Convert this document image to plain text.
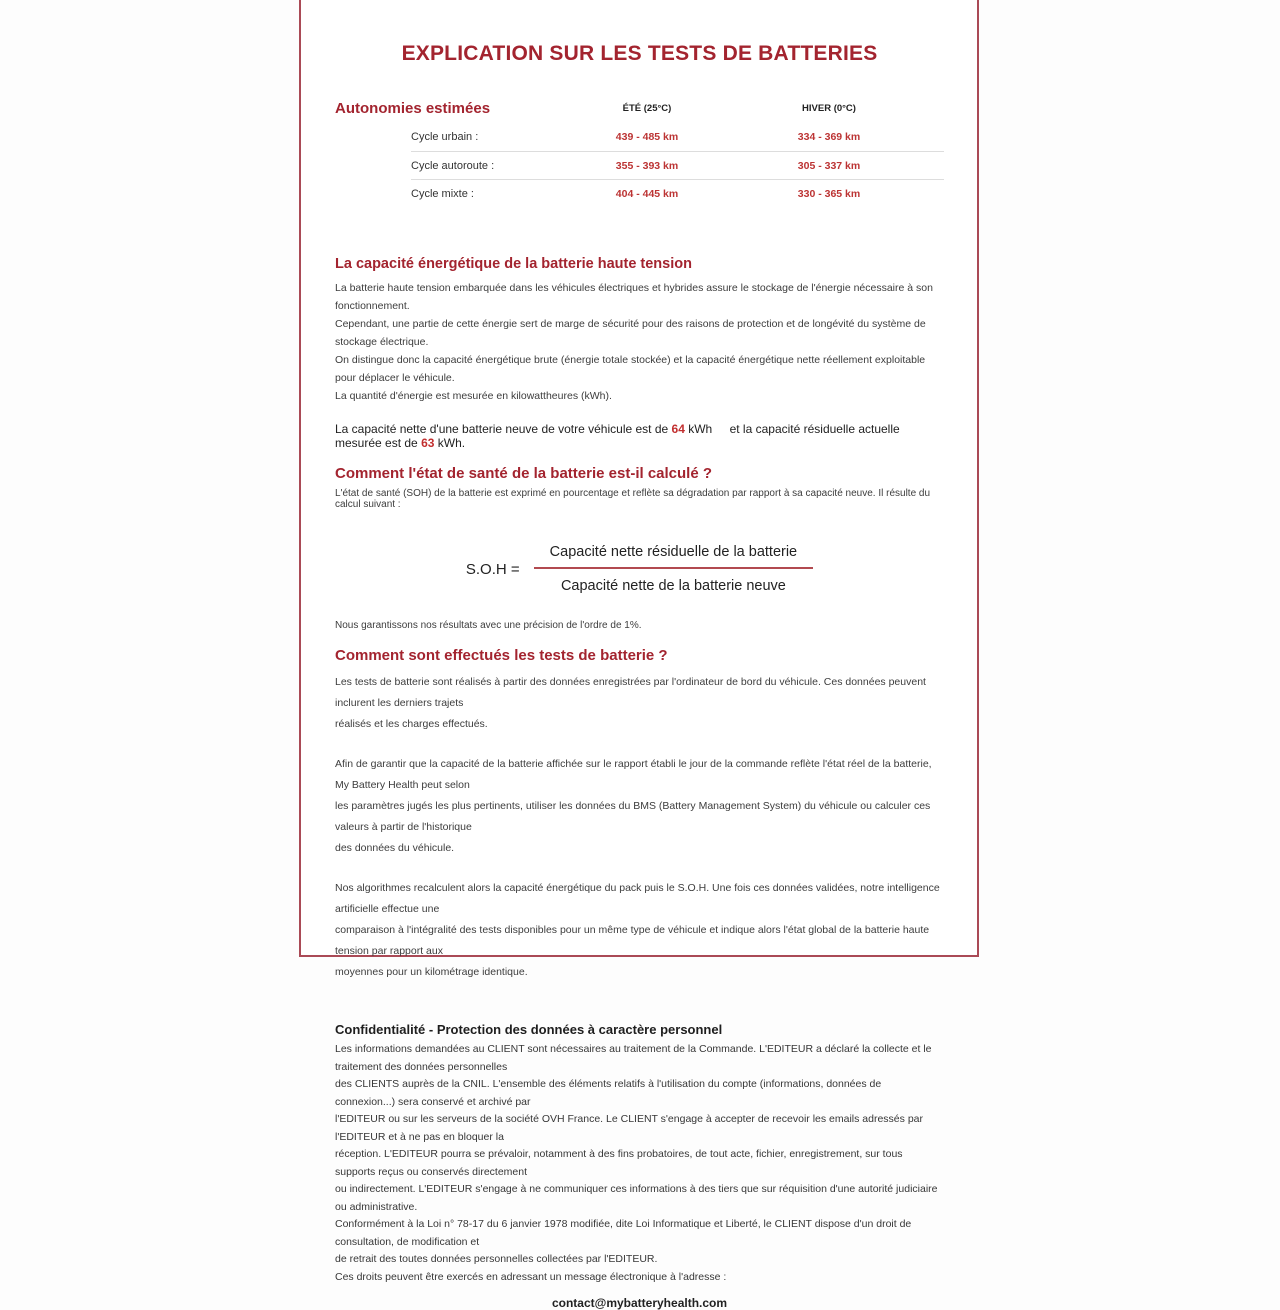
EXPLICATION SUR LES TESTS DE BATTERIES
Autonomies estimées	ÉTÉ (25°C)	HIVER (0°C)
Cycle urbain :	439 - 485 km	334 - 369 km
Cycle autoroute :	355 - 393 km	305 - 337 km
Cycle mixte :	404 - 445 km	330 - 365 km
La capacité énergétique de la batterie haute tension
La batterie haute tension embarquée dans les véhicules électriques et hybrides assure le stockage de l'énergie nécessaire à son fonctionnement.
Cependant, une partie de cette énergie sert de marge de sécurité pour des raisons de protection et de longévité du système de stockage électrique.
On distingue donc la capacité énergétique brute (énergie totale stockée) et la capacité énergétique nette réellement exploitable pour déplacer le véhicule.
La quantité d'énergie est mesurée en kilowattheures (kWh).
La capacité nette d'une batterie neuve de votre véhicule est de 64 kWh et la capacité résiduelle actuelle mesurée est de 63 kWh.
Comment l'état de santé de la batterie est-il calculé ?
L'état de santé (SOH) de la batterie est exprimé en pourcentage et reflète sa dégradation par rapport à sa capacité neuve. Il résulte du calcul suivant :
$S.O.H = \frac{\text{Capacité nette résiduelle de la batterie}}{\text{Capacité nette de la batterie neuve}}$
Nous garantissons nos résultats avec une précision de l'ordre de 1%.
Comment sont effectués les tests de batterie ?
Les tests de batterie sont réalisés à partir des données enregistrées par l'ordinateur de bord du véhicule. Ces données peuvent inclurent les derniers trajets
réalisés et les charges effectués.
Afin de garantir que la capacité de la batterie affichée sur le rapport établi le jour de la commande reflète l'état réel de la batterie, My Battery Health peut selon
les paramètres jugés les plus pertinents, utiliser les données du BMS (Battery Management System) du véhicule ou calculer ces valeurs à partir de l'historique
des données du véhicule.
Nos algorithmes recalculent alors la capacité énergétique du pack puis le S.O.H. Une fois ces données validées, notre intelligence artificielle effectue une
comparaison à l'intégralité des tests disponibles pour un même type de véhicule et indique alors l'état global de la batterie haute tension par rapport aux
moyennes pour un kilométrage identique.
Confidentialité - Protection des données à caractère personnel
Les informations demandées au CLIENT sont nécessaires au traitement de la Commande. L'EDITEUR a déclaré la collecte et le traitement des données personnelles
des CLIENTS auprès de la CNIL. L'ensemble des éléments relatifs à l'utilisation du compte (informations, données de connexion...) sera conservé et archivé par
l'EDITEUR ou sur les serveurs de la société OVH France. Le CLIENT s'engage à accepter de recevoir les emails adressés par l'EDITEUR et à ne pas en bloquer la
réception. L'EDITEUR pourra se prévaloir, notamment à des fins probatoires, de tout acte, fichier, enregistrement, sur tous supports reçus ou conservés directement
ou indirectement. L'EDITEUR s'engage à ne communiquer ces informations à des tiers que sur réquisition d'une autorité judiciaire ou administrative.
Conformément à la Loi n° 78-17 du 6 janvier 1978 modifiée, dite Loi Informatique et Liberté, le CLIENT dispose d'un droit de consultation, de modification et
de retrait des toutes données personnelles collectées par l'EDITEUR.
Ces droits peuvent être exercés en adressant un message électronique à l'adresse :
contact@mybatteryhealth.com
